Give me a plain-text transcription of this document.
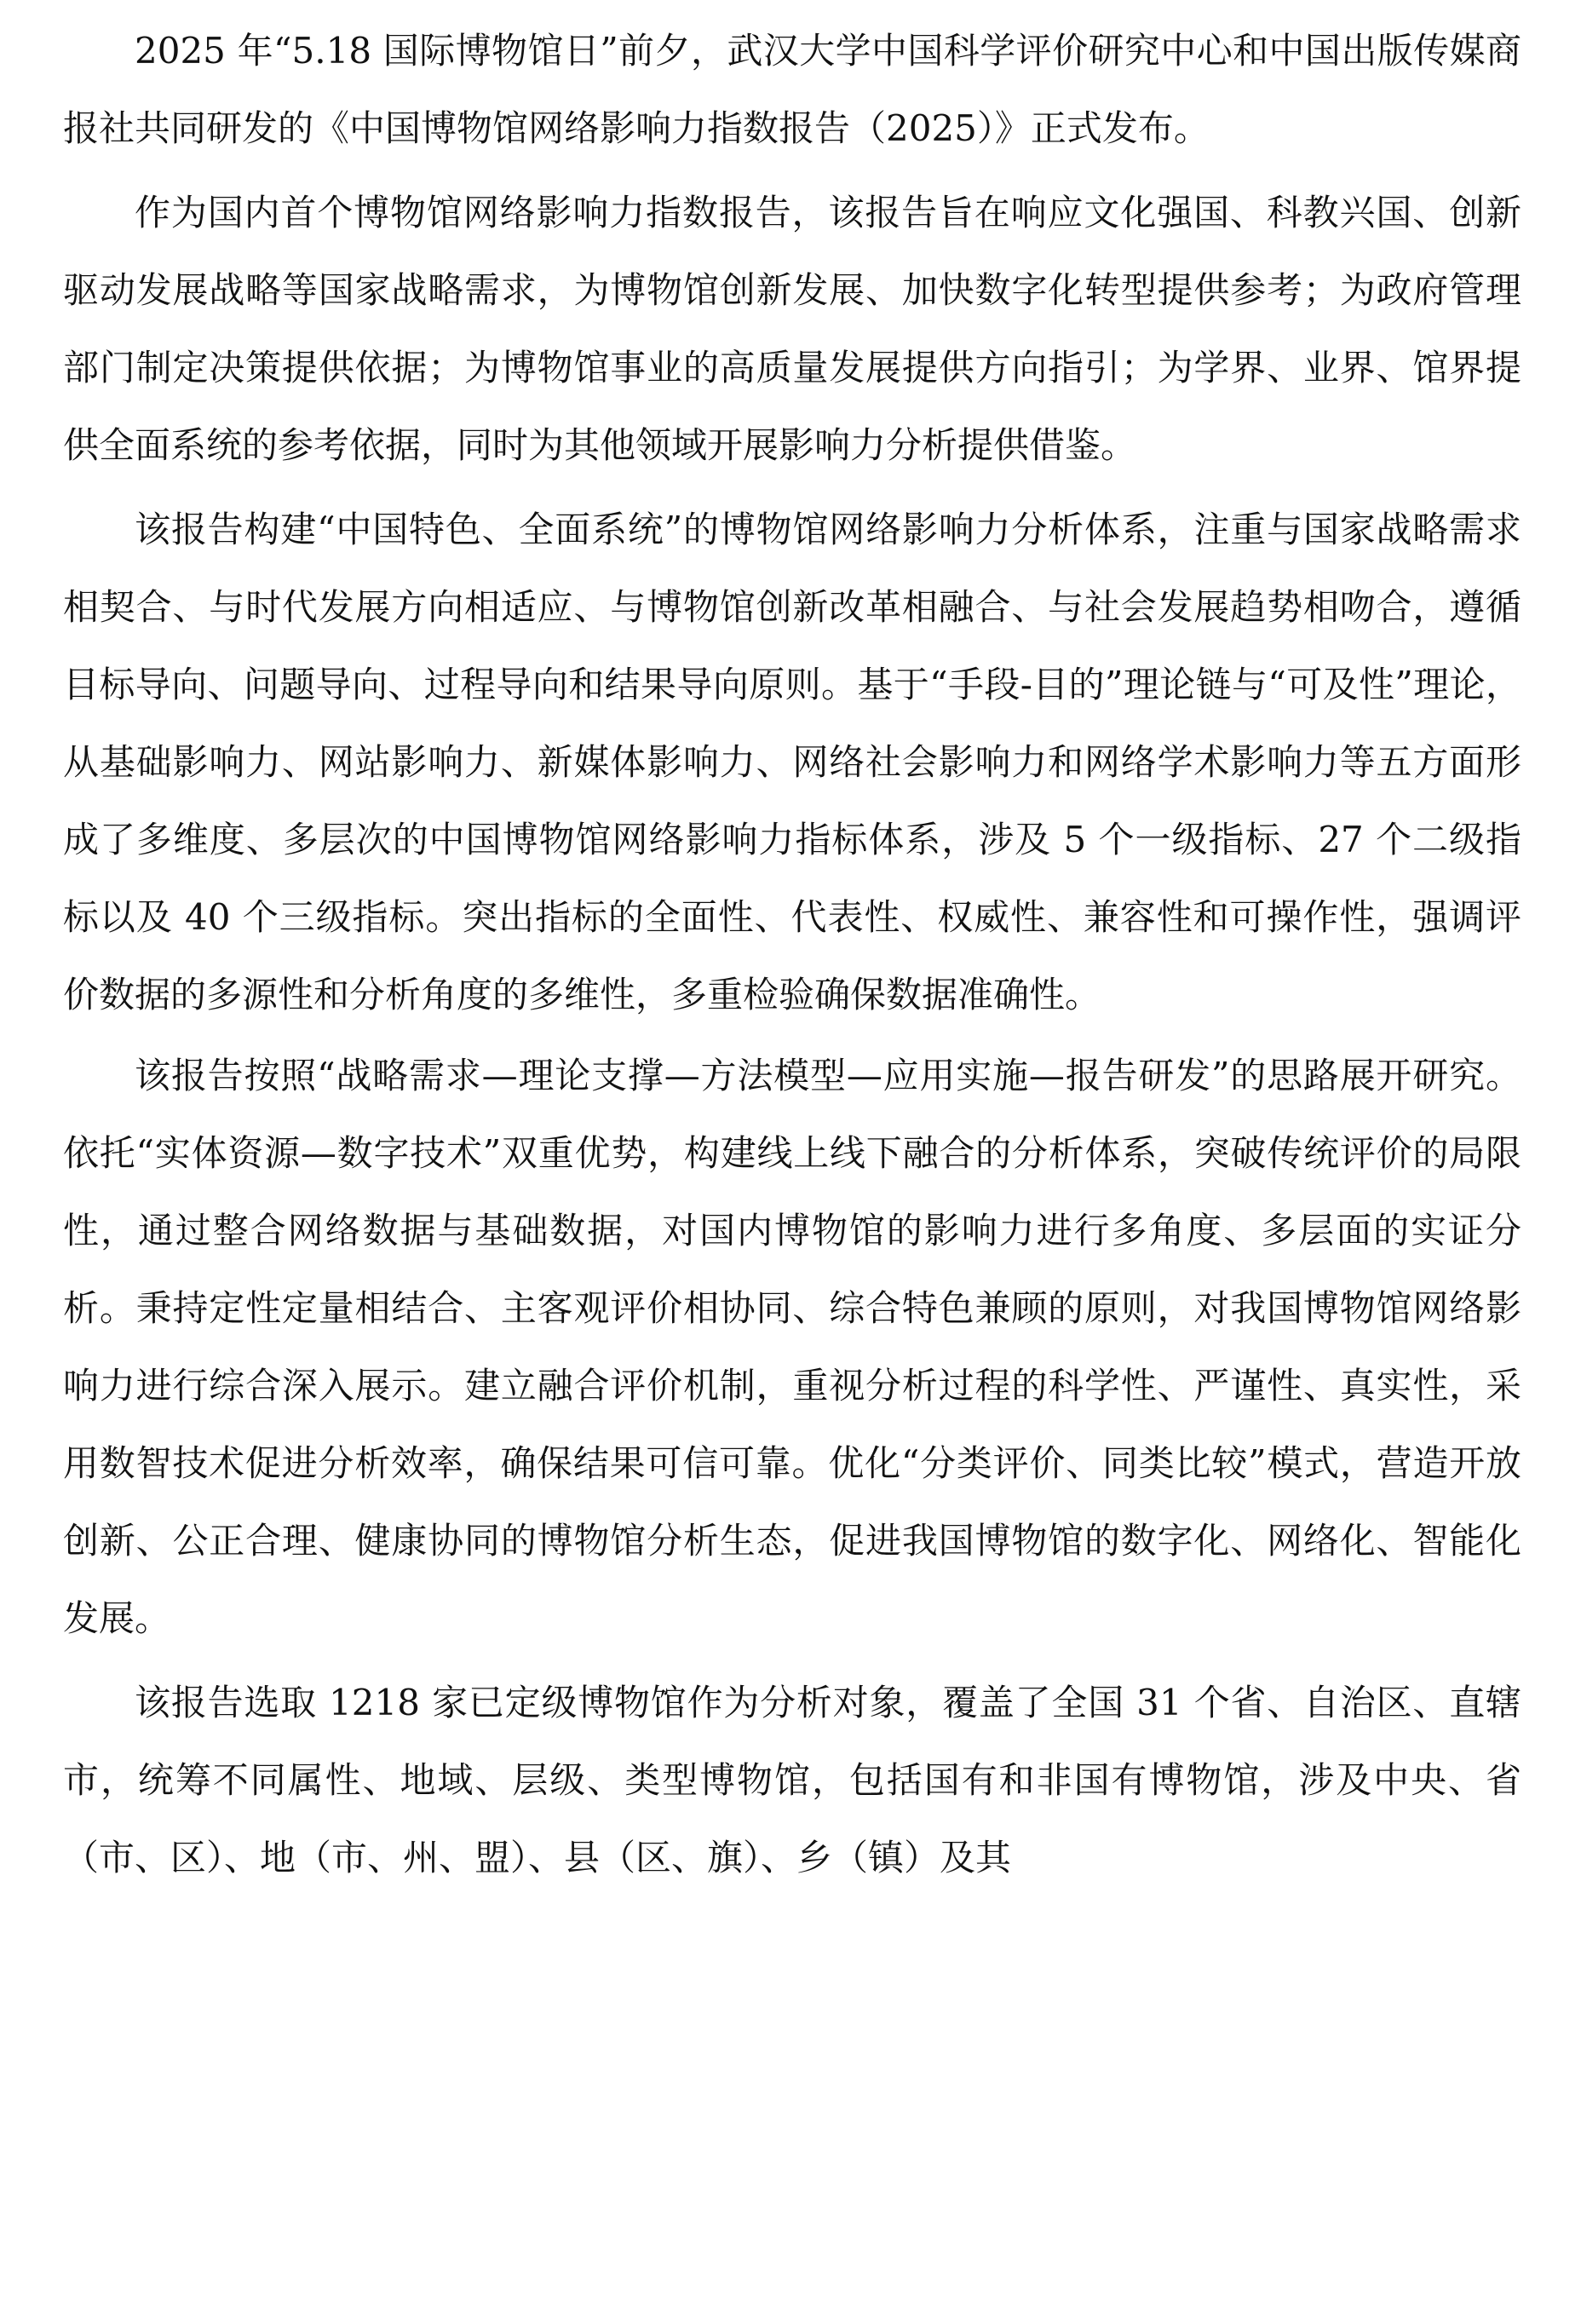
2025 年“5.18 国际博物馆日”前夕，武汉大学中国科学评价研究中心和中国出版传媒商报社共同研发的《中国博物馆网络影响力指数报告（2025）》正式发布。

作为国内首个博物馆网络影响力指数报告，该报告旨在响应文化强国、科教兴国、创新驱动发展战略等国家战略需求，为博物馆创新发展、加快数字化转型提供参考；为政府管理部门制定决策提供依据；为博物馆事业的高质量发展提供方向指引；为学界、业界、馆界提供全面系统的参考依据，同时为其他领域开展影响力分析提供借鉴。

该报告构建“中国特色、全面系统”的博物馆网络影响力分析体系，注重与国家战略需求相契合、与时代发展方向相适应、与博物馆创新改革相融合、与社会发展趋势相吻合，遵循目标导向、问题导向、过程导向和结果导向原则。基于“手段-目的”理论链与“可及性”理论，从基础影响力、网站影响力、新媒体影响力、网络社会影响力和网络学术影响力等五方面形成了多维度、多层次的中国博物馆网络影响力指标体系，涉及 5 个一级指标、27 个二级指标以及 40 个三级指标。突出指标的全面性、代表性、权威性、兼容性和可操作性，强调评价数据的多源性和分析角度的多维性，多重检验确保数据准确性。

该报告按照“战略需求—理论支撑—方法模型—应用实施—报告研发”的思路展开研究。依托“实体资源—数字技术”双重优势，构建线上线下融合的分析体系，突破传统评价的局限性，通过整合网络数据与基础数据，对国内博物馆的影响力进行多角度、多层面的实证分析。秉持定性定量相结合、主客观评价相协同、综合特色兼顾的原则，对我国博物馆网络影响力进行综合深入展示。建立融合评价机制，重视分析过程的科学性、严谨性、真实性，采用数智技术促进分析效率，确保结果可信可靠。优化“分类评价、同类比较”模式，营造开放创新、公正合理、健康协同的博物馆分析生态，促进我国博物馆的数字化、网络化、智能化发展。

该报告选取 1218 家已定级博物馆作为分析对象，覆盖了全国 31 个省、自治区、直辖市，统筹不同属性、地域、层级、类型博物馆，包括国有和非国有博物馆，涉及中央、省（市、区）、地（市、州、盟）、县（区、旗）、乡（镇）及其
